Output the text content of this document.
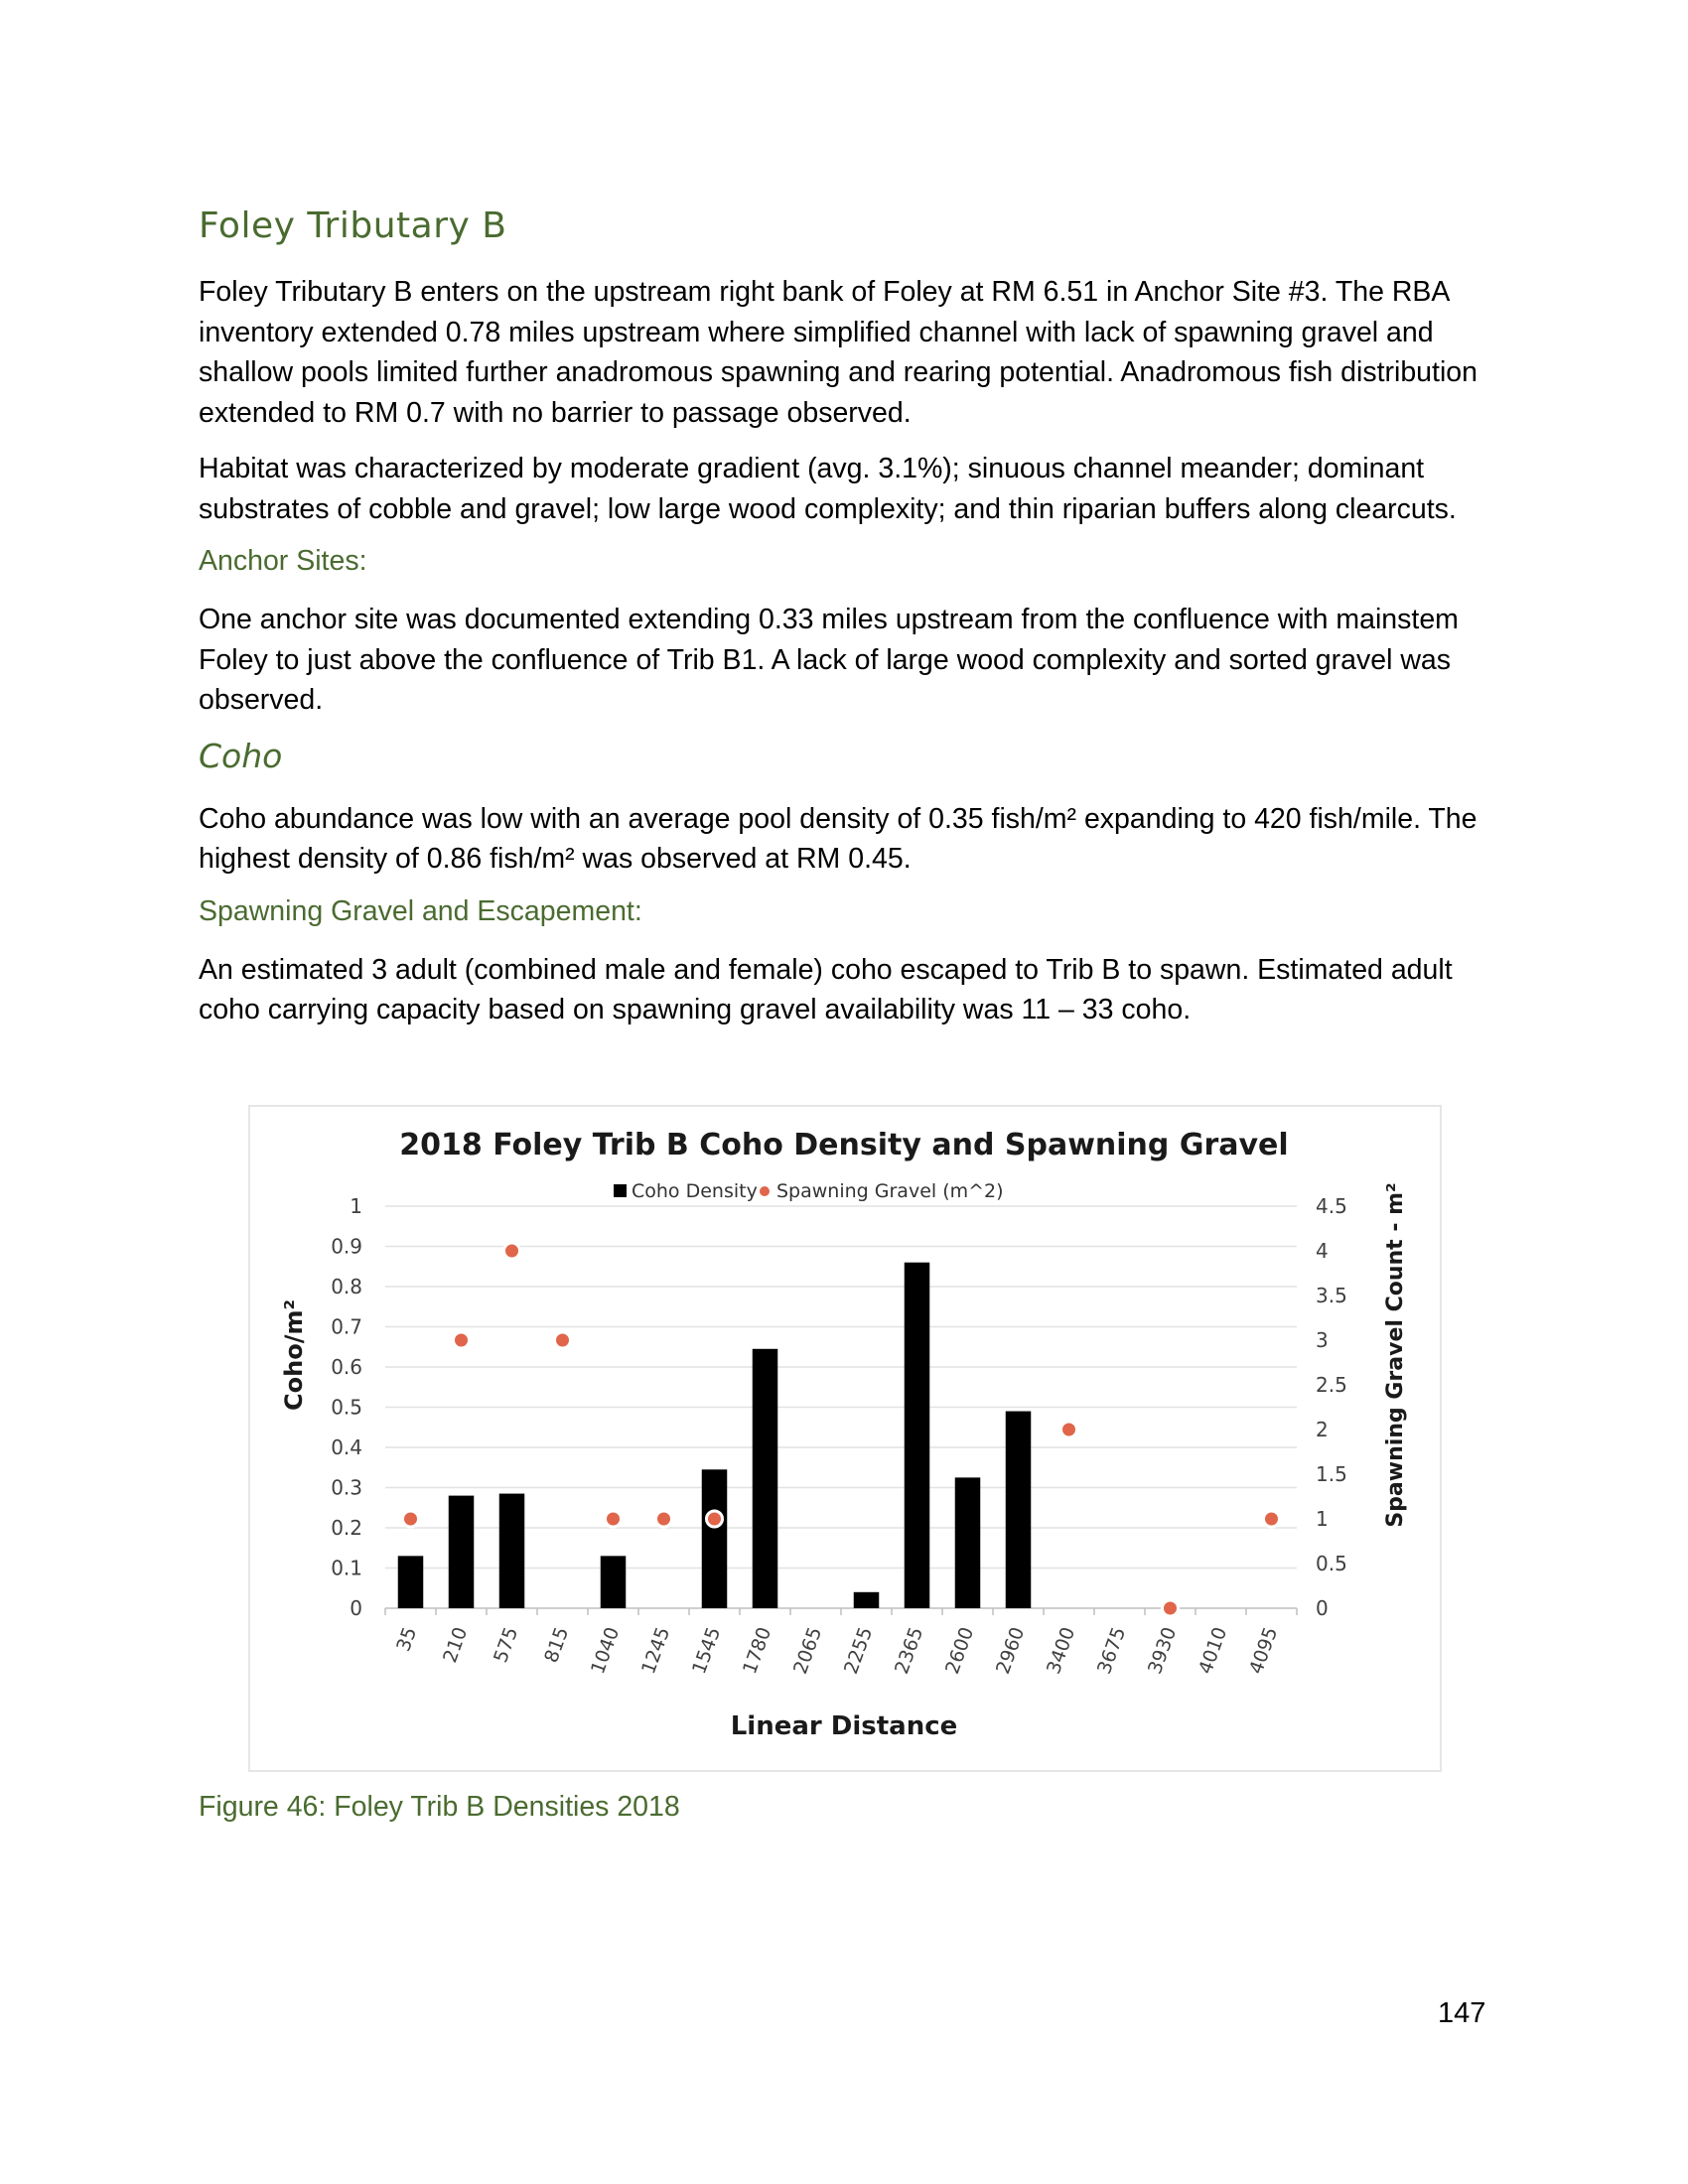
Foley Tributary B

Foley Tributary B enters on the upstream right bank of Foley at RM 6.51 in Anchor Site #3. The RBA inventory extended 0.78 miles upstream where simplified channel with lack of spawning gravel and shallow pools limited further anadromous spawning and rearing potential. Anadromous fish distribution extended to RM 0.7 with no barrier to passage observed.

Habitat was characterized by moderate gradient (avg. 3.1%); sinuous channel meander; dominant substrates of cobble and gravel; low large wood complexity; and thin riparian buffers along clearcuts.

Anchor Sites:

One anchor site was documented extending 0.33 miles upstream from the confluence with mainstem Foley to just above the confluence of Trib B1. A lack of large wood complexity and sorted gravel was observed.

Coho

Coho abundance was low with an average pool density of 0.35 fish/m² expanding to 420 fish/mile. The highest density of 0.86 fish/m² was observed at RM 0.45.

Spawning Gravel and Escapement:

An estimated 3 adult (combined male and female) coho escaped to Trib B to spawn. Estimated adult coho carrying capacity based on spawning gravel availability was 11 – 33 coho.

2018 Foley Trib B Coho Density and Spawning Gravel
Coho Density Spawning Gravel (m^2)
0
0.1
0.2
0.3
0.4
0.5
0.6
0.7
0.8
0.9
1
0
0.5
1
1.5
2
2.5
3
3.5
4
4.5
35 210 575 815 1040 1245 1545 1780 2065 2255 2365 2600 2960 3400 3675 3930 4010 4095
Coho/m²	Spawning Gravel Count - m²
Linear Distance
Figure 46: Foley Trib B Densities 2018
147
